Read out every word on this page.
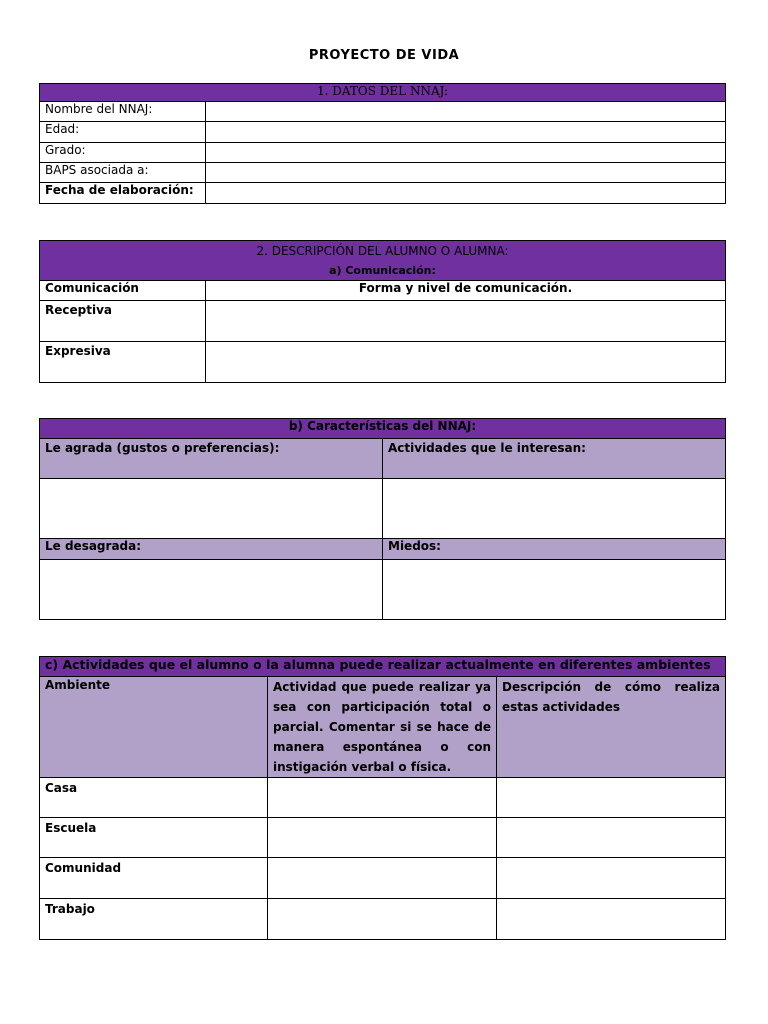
PROYECTO DE VIDA
1. DATOS DEL NNAJ:	
Nombre del NNAJ:	
Edad:	
Grado:	
BAPS asociada a:	
Fecha de elaboración:	
2. DESCRIPCIÓN DEL ALUMNO O ALUMNA:
a) Comunicación:	

Comunicación	Forma y nivel de comunicación.
Receptiva	
Expresiva	
b) Características del NNAJ:	
Le agrada (gustos o preferencias):	Actividades que le interesan:

Le desagrada:	Miedos:

c) Actividades que el alumno o la alumna puede realizar actualmente en diferentes ambientes		
Ambiente	Actividad que puede realizar ya sea con participación total o parcial. Comentar si se hace de manera espontánea o con instigación verbal o física.	Descripción de cómo realiza estas actividades
Casa		
Escuela		
Comunidad		
Trabajo		
